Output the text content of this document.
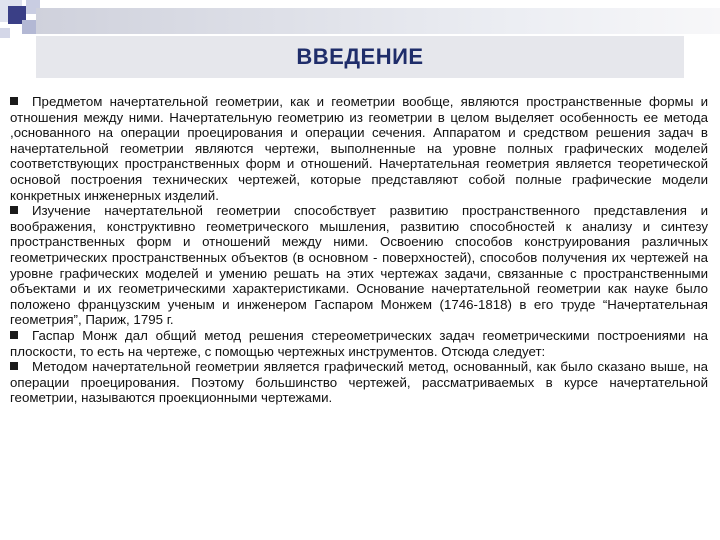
ВВЕДЕНИЕ

Предметом начертательной геометрии, как и геометрии вообще, являются пространственные формы и отношения между ними. Начертательную геометрию из геометрии в целом выделяет особенность ее метода ,основанного на операции проецирования и операции сечения. Аппаратом и средством решения задач в начертательной геометрии являются чертежи, выполненные на уровне полных графических моделей соответствующих пространственных форм и отношений. Начертательная геометрия является теоретической основой построения технических чертежей, которые представляют собой полные графические модели конкретных инженерных изделий.

Изучение начертательной геометрии способствует развитию пространственного представления и воображения, конструктивно геометрического мышления, развитию способностей к анализу и синтезу пространственных форм и отношений между ними. Освоению способов конструирования различных геометрических пространственных объектов (в основном - поверхностей), способов получения их чертежей на уровне графических моделей и умению решать на этих чертежах задачи, связанные с пространственными объектами и их геометрическими характеристиками. Основание начертательной геометрии как науке было положено французским ученым и инженером Гаспаром Монжем (1746-1818) в его труде “Начертательная геометрия”, Париж, 1795 г.

Гаспар Монж дал общий метод решения стереометрических задач геометрическими построениями на плоскости, то есть на чертеже, с помощью чертежных инструментов. Отсюда следует:

Методом начертательной геометрии является графический метод, основанный, как было сказано выше, на операции проецирования. Поэтому большинство чертежей, рассматриваемых в курсе начертательной геометрии, называются проекционными чертежами.
